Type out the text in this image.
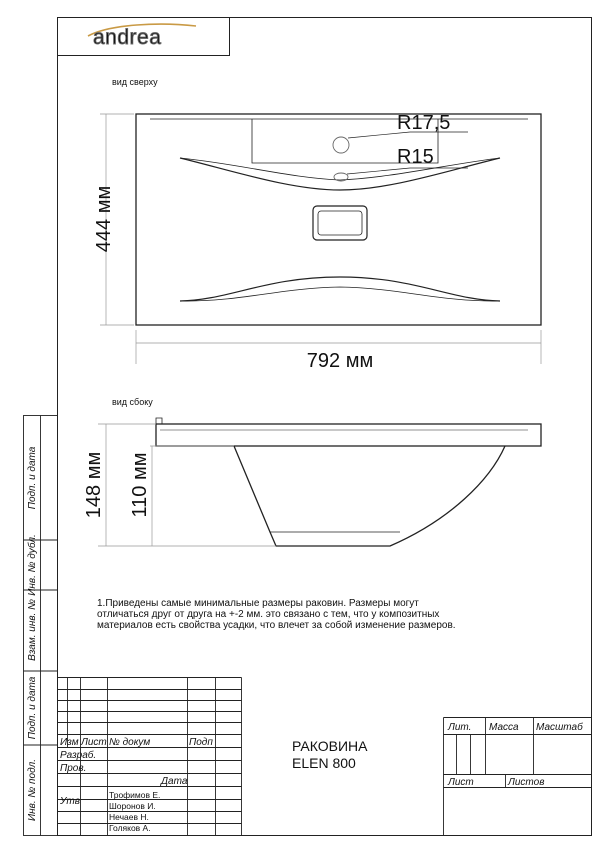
andrea
вид сверху
R17,5
R15
444 мм
792 мм
вид сбоку
148 мм 110 мм
1.Приведены самые минимальные размеры раковин. Размеры могут
отличаться друг от друга на +-2 мм. это связано с тем, что у композитных
материалов есть свойства усадки, что влечет за собой изменение размеров.
Подп. и дата
Инв. № дубл.
Взам. инв. №
Подп. и дата
Инв. № подл.
Изм Лист № докум	Подп
Разраб.
Пров.
Дата
Утв
Трофимов Е.
Шоронов И.
Нечаев Н.
Голяков А.
РАКОВИНА
ELEN 800
Лит. Масса Масштаб
Лист	Листов
